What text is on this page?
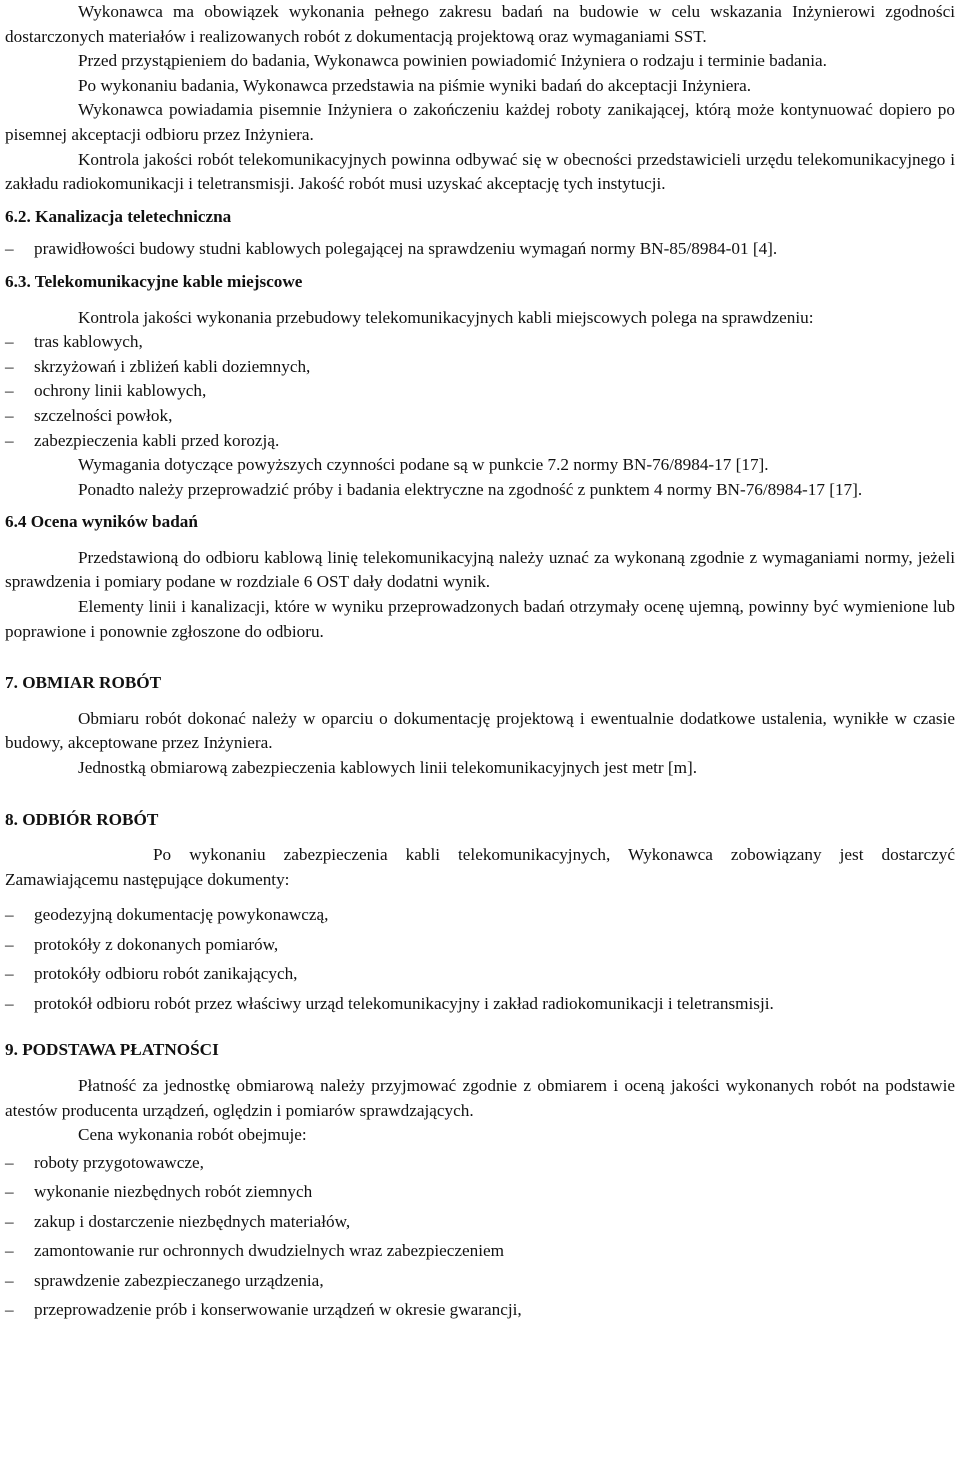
Wykonawca ma obowiązek wykonania pełnego zakresu badań na budowie w celu wskazania Inżynierowi zgodności dostarczonych materiałów i realizowanych robót z dokumentacją projektową oraz wymaganiami SST.

Przed przystąpieniem do badania, Wykonawca powinien powiadomić Inżyniera o rodzaju i terminie badania.

Po wykonaniu badania, Wykonawca przedstawia na piśmie wyniki badań do akceptacji Inżyniera.

Wykonawca powiadamia pisemnie Inżyniera o zakończeniu każdej roboty zanikającej, którą może kontynuować dopiero po pisemnej akceptacji odbioru przez Inżyniera.

Kontrola jakości robót telekomunikacyjnych powinna odbywać się w obecności przedstawicieli urzędu telekomunikacyjnego i zakładu radiokomunikacji i teletransmisji. Jakość robót musi uzyskać akceptację tych instytucji.

6.2. Kanalizacja teletechniczna

– prawidłowości budowy studni kablowych polegającej na sprawdzeniu wymagań normy BN-85/8984-01 [4].

6.3. Telekomunikacyjne kable miejscowe

Kontrola jakości wykonania przebudowy telekomunikacyjnych kabli miejscowych polega na sprawdzeniu:

– tras kablowych,
– skrzyżowań i zbliżeń kabli doziemnych,
– ochrony linii kablowych,
– szczelności powłok,
– zabezpieczenia kabli przed korozją.

Wymagania dotyczące powyższych czynności podane są w punkcie 7.2 normy BN-76/8984-17 [17].

Ponadto należy przeprowadzić próby i badania elektryczne na zgodność z punktem 4 normy BN-76/8984-17 [17].

6.4 Ocena wyników badań

Przedstawioną do odbioru kablową linię telekomunikacyjną należy uznać za wykonaną zgodnie z wymaganiami normy, jeżeli sprawdzenia i pomiary podane w rozdziale 6 OST dały dodatni wynik.

Elementy linii i kanalizacji, które w wyniku przeprowadzonych badań otrzymały ocenę ujemną, powinny być wymienione lub poprawione i ponownie zgłoszone do odbioru.

7. OBMIAR ROBÓT

Obmiaru robót dokonać należy w oparciu o dokumentację projektową i ewentualnie dodatkowe ustalenia, wynikłe w czasie budowy, akceptowane przez Inżyniera.

Jednostką obmiarową zabezpieczenia kablowych linii telekomunikacyjnych jest metr [m].

8. ODBIÓR ROBÓT

Po wykonaniu zabezpieczenia kabli telekomunikacyjnych, Wykonawca zobowiązany jest dostarczyć Zamawiającemu następujące dokumenty:

– geodezyjną dokumentację powykonawczą,
– protokóły z dokonanych pomiarów,
– protokóły odbioru robót zanikających,
– protokół odbioru robót przez właściwy urząd telekomunikacyjny i zakład radiokomunikacji i teletransmisji.

9. PODSTAWA PŁATNOŚCI

Płatność za jednostkę obmiarową należy przyjmować zgodnie z obmiarem i oceną jakości wykonanych robót na podstawie atestów producenta urządzeń, oględzin i pomiarów sprawdzających.

Cena wykonania robót obejmuje:

– roboty przygotowawcze,
– wykonanie niezbędnych robót ziemnych
– zakup i dostarczenie niezbędnych materiałów,
– zamontowanie rur ochronnych dwudzielnych wraz zabezpieczeniem
– sprawdzenie zabezpieczanego urządzenia,
– przeprowadzenie prób i konserwowanie urządzeń w okresie gwarancji,
